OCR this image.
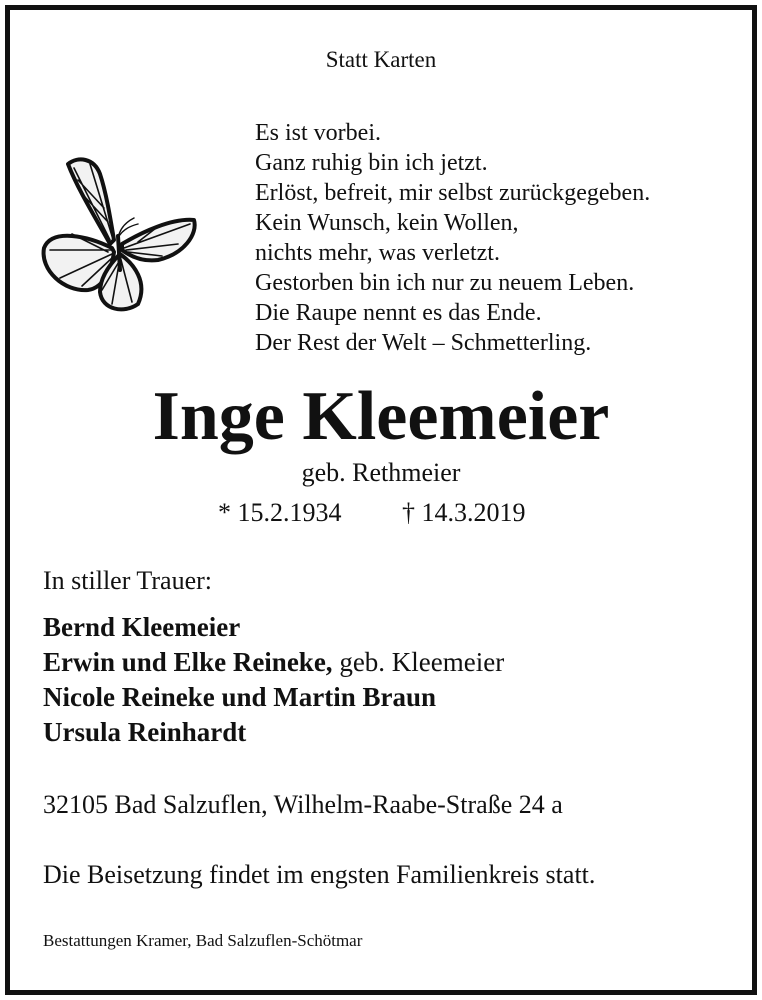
Statt Karten
Es ist vorbei.
Ganz ruhig bin ich jetzt.
Erlöst, befreit, mir selbst zurückgegeben.
Kein Wunsch, kein Wollen,
nichts mehr, was verletzt.
Gestorben bin ich nur zu neuem Leben.
Die Raupe nennt es das Ende.
Der Rest der Welt – Schmetterling.
Inge Kleemeier
geb. Rethmeier
* 15.2.1934 † 14.3.2019
In stiller Trauer:
Bernd Kleemeier
Erwin und Elke Reineke, geb. Kleemeier
Nicole Reineke und Martin Braun
Ursula Reinhardt
32105 Bad Salzuflen, Wilhelm-Raabe-Straße 24 a
Die Beisetzung findet im engsten Familienkreis statt.
Bestattungen Kramer, Bad Salzuflen-Schötmar
